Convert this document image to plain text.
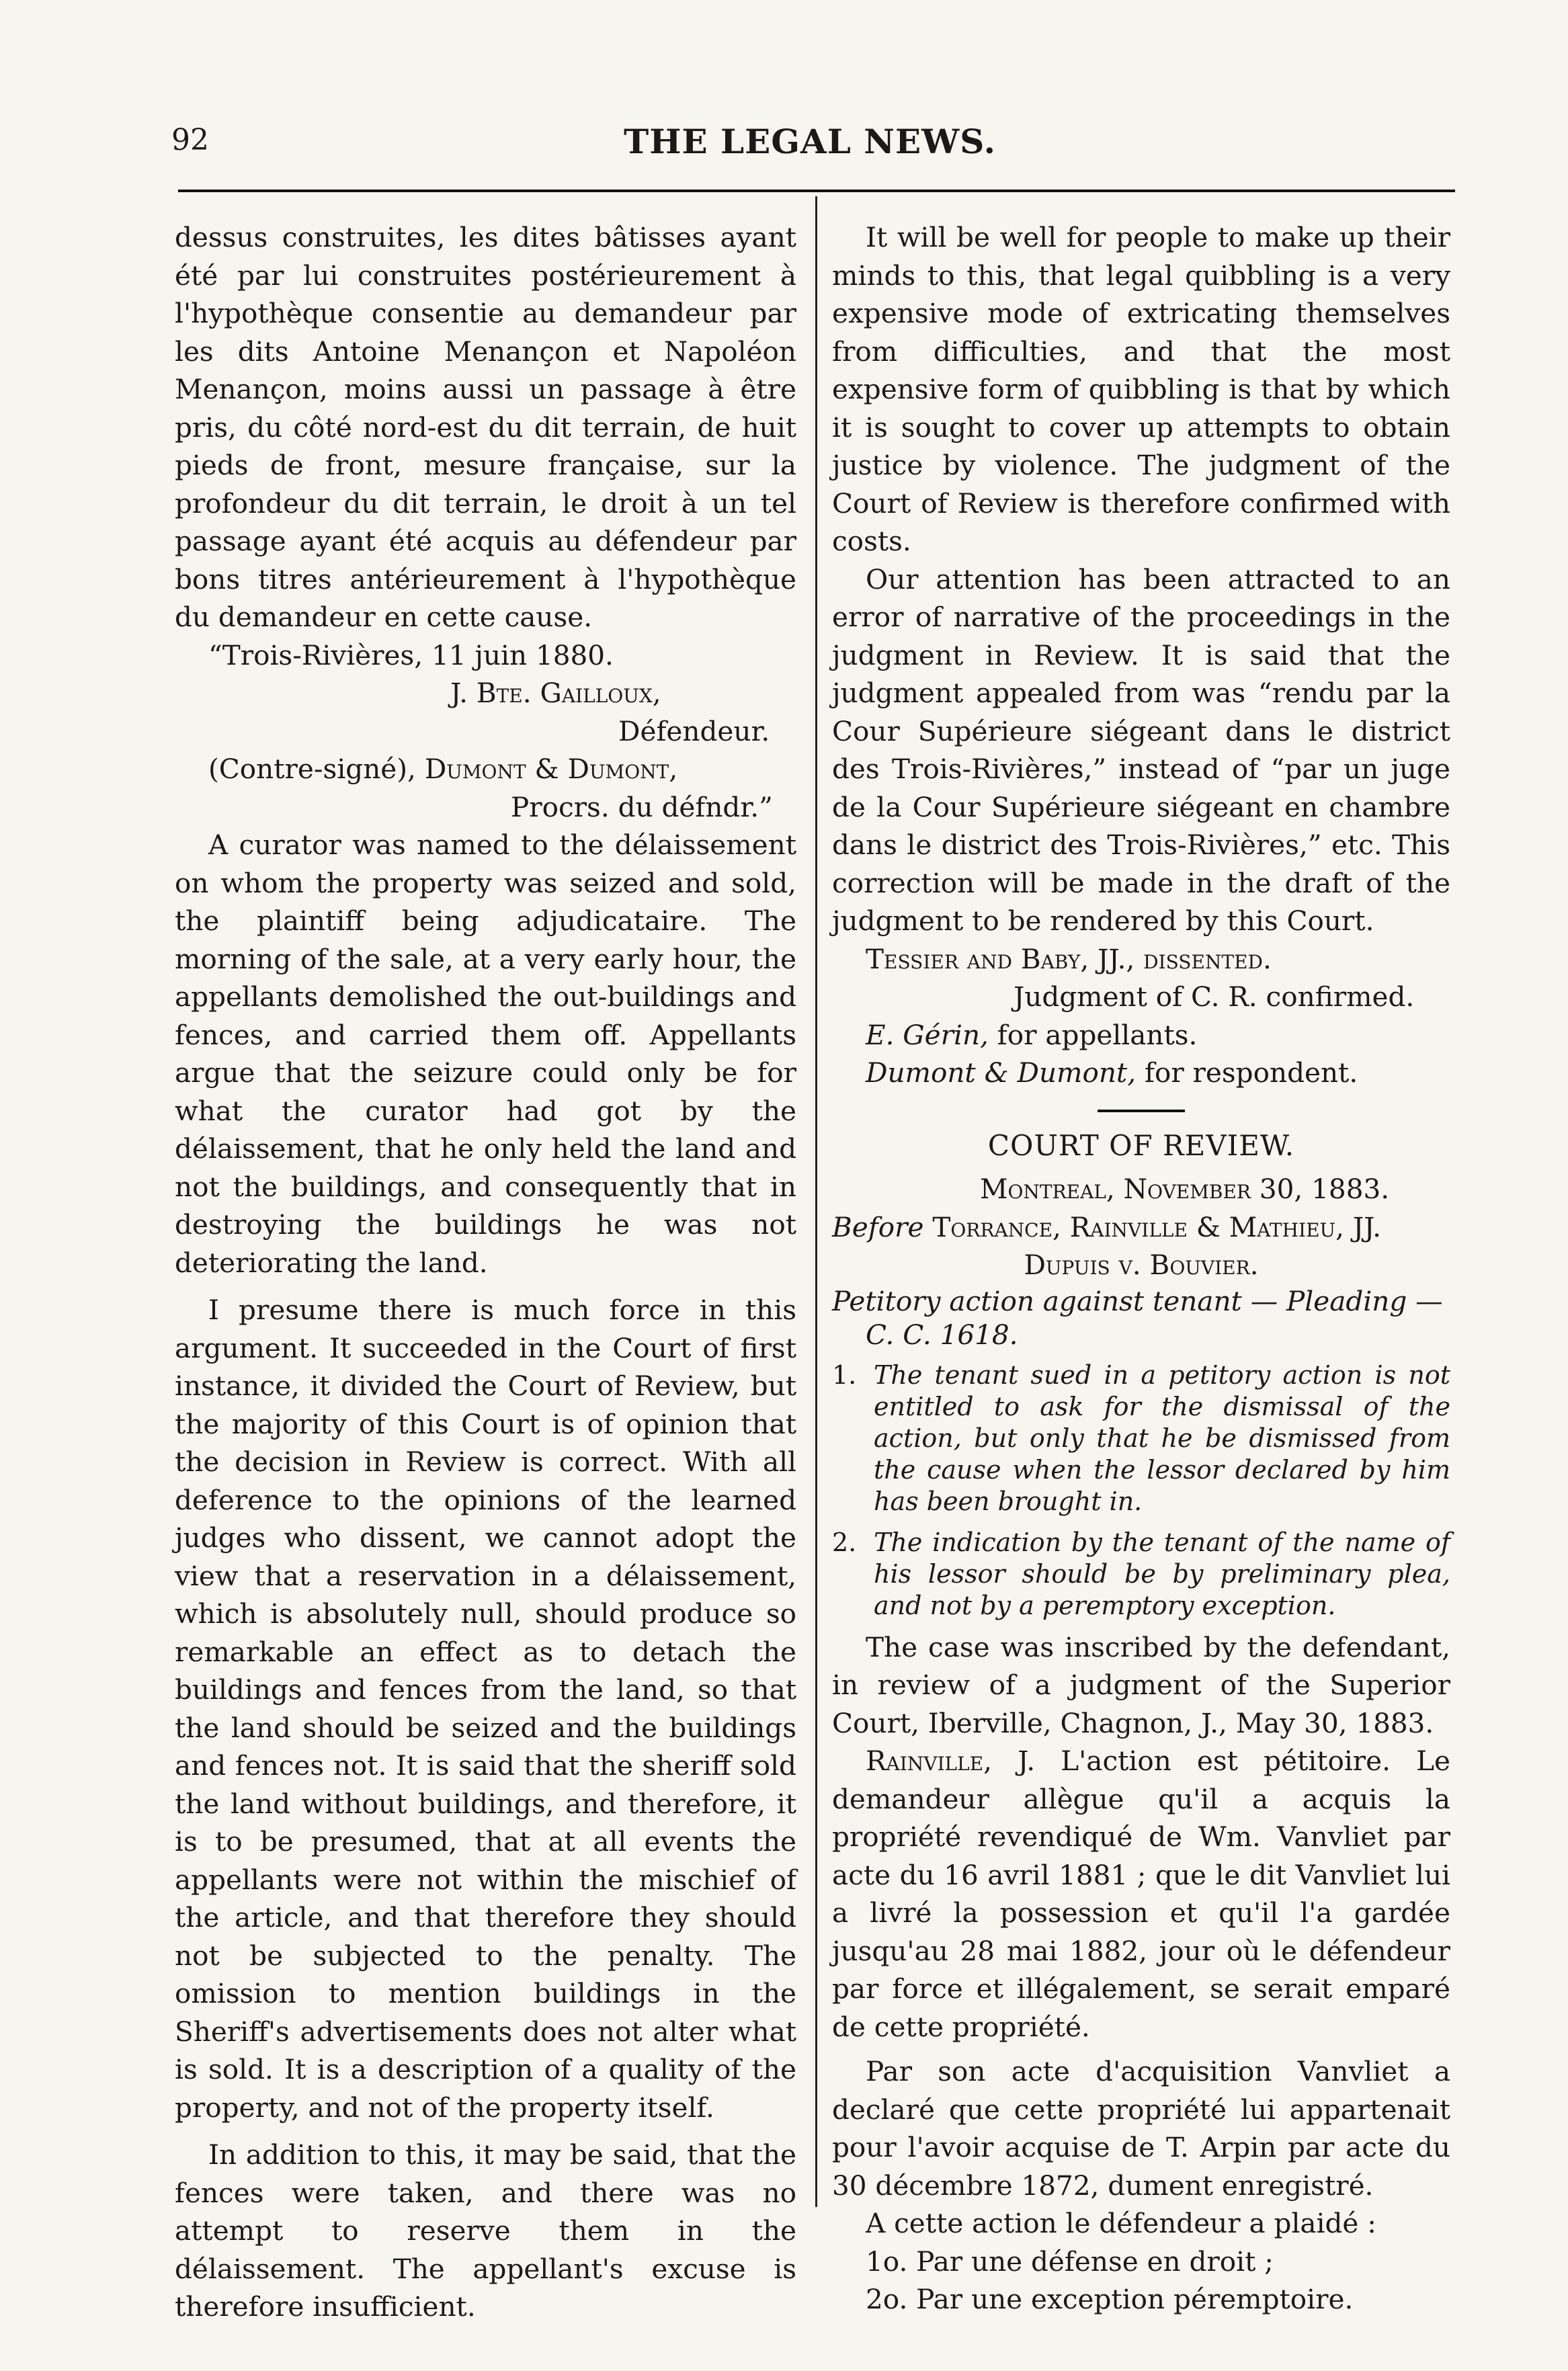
92	THE LEGAL NEWS.

dessus construites, les dites bâtisses ayant été par lui construites postérieurement à l'hypothèque consentie au demandeur par les dits Antoine Menançon et Napoléon Menançon, moins aussi un passage à être pris, du côté nord-est du dit terrain, de huit pieds de front, mesure française, sur la profondeur du dit terrain, le droit à un tel passage ayant été acquis au défendeur par bons titres antérieurement à l'hypothèque du demandeur en cette cause.

“Trois-Rivières, 11 juin 1880.

J. Bte. Gailloux,

Défendeur.

(Contre-signé), Dumont & Dumont,

Procrs. du défndr.”

A curator was named to the délaissement on whom the property was seized and sold, the plaintiff being adjudicataire. The morning of the sale, at a very early hour, the appellants demolished the out-buildings and fences, and carried them off. Appellants argue that the seizure could only be for what the curator had got by the délaissement, that he only held the land and not the buildings, and consequently that in destroying the buildings he was not deteriorating the land.

I presume there is much force in this argument. It succeeded in the Court of first instance, it divided the Court of Review, but the majority of this Court is of opinion that the decision in Review is correct. With all deference to the opinions of the learned judges who dissent, we cannot adopt the view that a reservation in a délaissement, which is absolutely null, should produce so remarkable an effect as to detach the buildings and fences from the land, so that the land should be seized and the buildings and fences not. It is said that the sheriff sold the land without buildings, and therefore, it is to be presumed, that at all events the appellants were not within the mischief of the article, and that therefore they should not be subjected to the penalty. The omission to mention buildings in the Sheriff's advertisements does not alter what is sold. It is a description of a quality of the property, and not of the property itself.

In addition to this, it may be said, that the fences were taken, and there was no attempt to reserve them in the délaissement. The appellant's excuse is therefore insufficient.

It will be well for people to make up their minds to this, that legal quibbling is a very expensive mode of extricating themselves from difficulties, and that the most expensive form of quibbling is that by which it is sought to cover up attempts to obtain justice by violence. The judgment of the Court of Review is therefore confirmed with costs.

Our attention has been attracted to an error of narrative of the proceedings in the judgment in Review. It is said that the judgment appealed from was “rendu par la Cour Supérieure siégeant dans le district des Trois-Rivières,” instead of “par un juge de la Cour Supérieure siégeant en chambre dans le district des Trois-Rivières,” etc. This correction will be made in the draft of the judgment to be rendered by this Court.

Tessier and Baby, JJ., dissented.

Judgment of C. R. confirmed.

E. Gérin, for appellants.

Dumont & Dumont, for respondent.

COURT OF REVIEW.

Montreal, November 30, 1883.

Before Torrance, Rainville & Mathieu, JJ.

Dupuis v. Bouvier.

Petitory action against tenant — Pleading — C. C. 1618.

1. The tenant sued in a petitory action is not entitled to ask for the dismissal of the action, but only that he be dismissed from the cause when the lessor declared by him has been brought in.
2. The indication by the tenant of the name of his lessor should be by preliminary plea, and not by a peremptory exception.

The case was inscribed by the defendant, in review of a judgment of the Superior Court, Iberville, Chagnon, J., May 30, 1883.

Rainville, J. L'action est pétitoire. Le demandeur allègue qu'il a acquis la propriété revendiqué de Wm. Vanvliet par acte du 16 avril 1881 ; que le dit Vanvliet lui a livré la possession et qu'il l'a gardée jusqu'au 28 mai 1882, jour où le défendeur par force et illégalement, se serait emparé de cette propriété.

Par son acte d'acquisition Vanvliet a declaré que cette propriété lui appartenait pour l'avoir acquise de T. Arpin par acte du 30 décembre 1872, dument enregistré.

A cette action le défendeur a plaidé :

1o. Par une défense en droit ;

2o. Par une exception péremptoire.
